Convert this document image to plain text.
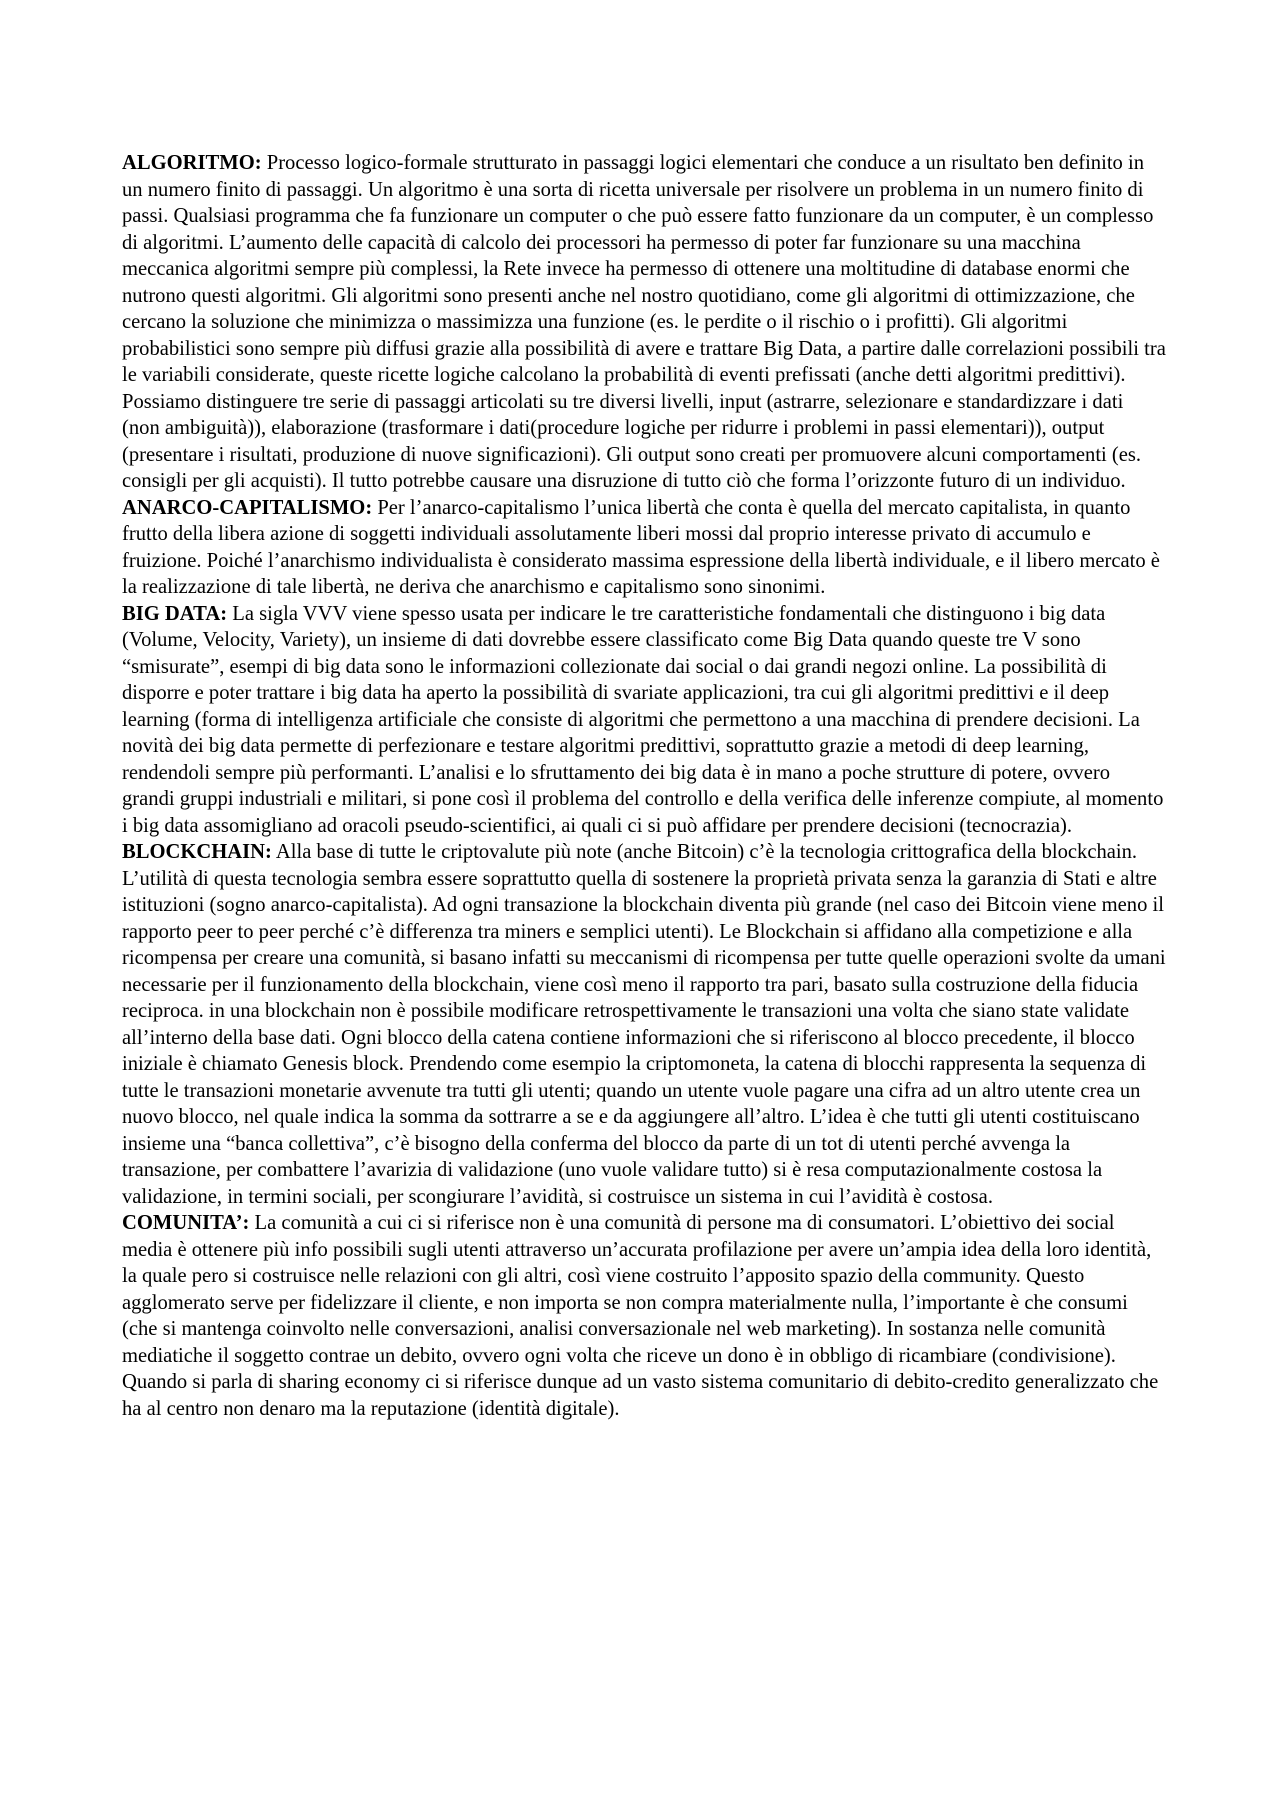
ALGORITMO: Processo logico-formale strutturato in passaggi logici elementari che conduce a un risultato ben definito in un numero finito di passaggi. Un algoritmo è una sorta di ricetta universale per risolvere un problema in un numero finito di passi. Qualsiasi programma che fa funzionare un computer o che può essere fatto funzionare da un computer, è un complesso di algoritmi. L’aumento delle capacità di calcolo dei processori ha permesso di poter far funzionare su una macchina meccanica algoritmi sempre più complessi, la Rete invece ha permesso di ottenere una moltitudine di database enormi che nutrono questi algoritmi. Gli algoritmi sono presenti anche nel nostro quotidiano, come gli algoritmi di ottimizzazione, che cercano la soluzione che minimizza o massimizza una funzione (es. le perdite o il rischio o i profitti). Gli algoritmi probabilistici sono sempre più diffusi grazie alla possibilità di avere e trattare Big Data, a partire dalle correlazioni possibili tra le variabili considerate, queste ricette logiche calcolano la probabilità di eventi prefissati (anche detti algoritmi predittivi). Possiamo distinguere tre serie di passaggi articolati su tre diversi livelli, input (astrarre, selezionare e standardizzare i dati (non ambiguità)), elaborazione (trasformare i dati(procedure logiche per ridurre i problemi in passi elementari)), output (presentare i risultati, produzione di nuove significazioni). Gli output sono creati per promuovere alcuni comportamenti (es. consigli per gli acquisti). Il tutto potrebbe causare una disruzione di tutto ciò che forma l’orizzonte futuro di un individuo.

ANARCO-CAPITALISMO: Per l’anarco-capitalismo l’unica libertà che conta è quella del mercato capitalista, in quanto frutto della libera azione di soggetti individuali assolutamente liberi mossi dal proprio interesse privato di accumulo e fruizione. Poiché l’anarchismo individualista è considerato massima espressione della libertà individuale, e il libero mercato è la realizzazione di tale libertà, ne deriva che anarchismo e capitalismo sono sinonimi.

BIG DATA: La sigla VVV viene spesso usata per indicare le tre caratteristiche fondamentali che distinguono i big data (Volume, Velocity, Variety), un insieme di dati dovrebbe essere classificato come Big Data quando queste tre V sono “smisurate”, esempi di big data sono le informazioni collezionate dai social o dai grandi negozi online. La possibilità di disporre e poter trattare i big data ha aperto la possibilità di svariate applicazioni, tra cui gli algoritmi predittivi e il deep learning (forma di intelligenza artificiale che consiste di algoritmi che permettono a una macchina di prendere decisioni. La novità dei big data permette di perfezionare e testare algoritmi predittivi, soprattutto grazie a metodi di deep learning, rendendoli sempre più performanti. L’analisi e lo sfruttamento dei big data è in mano a poche strutture di potere, ovvero grandi gruppi industriali e militari, si pone così il problema del controllo e della verifica delle inferenze compiute, al momento i big data assomigliano ad oracoli pseudo-scientifici, ai quali ci si può affidare per prendere decisioni (tecnocrazia).

BLOCKCHAIN: Alla base di tutte le criptovalute più note (anche Bitcoin) c’è la tecnologia crittografica della blockchain. L’utilità di questa tecnologia sembra essere soprattutto quella di sostenere la proprietà privata senza la garanzia di Stati e altre istituzioni (sogno anarco-capitalista). Ad ogni transazione la blockchain diventa più grande (nel caso dei Bitcoin viene meno il rapporto peer to peer perché c’è differenza tra miners e semplici utenti). Le Blockchain si affidano alla competizione e alla ricompensa per creare una comunità, si basano infatti su meccanismi di ricompensa per tutte quelle operazioni svolte da umani necessarie per il funzionamento della blockchain, viene così meno il rapporto tra pari, basato sulla costruzione della fiducia reciproca. in una blockchain non è possibile modificare retrospettivamente le transazioni una volta che siano state validate all’interno della base dati. Ogni blocco della catena contiene informazioni che si riferiscono al blocco precedente, il blocco iniziale è chiamato Genesis block. Prendendo come esempio la criptomoneta, la catena di blocchi rappresenta la sequenza di tutte le transazioni monetarie avvenute tra tutti gli utenti; quando un utente vuole pagare una cifra ad un altro utente crea un nuovo blocco, nel quale indica la somma da sottrarre a se e da aggiungere all’altro. L’idea è che tutti gli utenti costituiscano insieme una “banca collettiva”, c’è bisogno della conferma del blocco da parte di un tot di utenti perché avvenga la transazione, per combattere l’avarizia di validazione (uno vuole validare tutto) si è resa computazionalmente costosa la validazione, in termini sociali, per scongiurare l’avidità, si costruisce un sistema in cui l’avidità è costosa.

COMUNITA’: La comunità a cui ci si riferisce non è una comunità di persone ma di consumatori. L’obiettivo dei social media è ottenere più info possibili sugli utenti attraverso un’accurata profilazione per avere un’ampia idea della loro identità, la quale pero si costruisce nelle relazioni con gli altri, così viene costruito l’apposito spazio della community. Questo agglomerato serve per fidelizzare il cliente, e non importa se non compra materialmente nulla, l’importante è che consumi (che si mantenga coinvolto nelle conversazioni, analisi conversazionale nel web marketing). In sostanza nelle comunità mediatiche il soggetto contrae un debito, ovvero ogni volta che riceve un dono è in obbligo di ricambiare (condivisione). Quando si parla di sharing economy ci si riferisce dunque ad un vasto sistema comunitario di debito-credito generalizzato che ha al centro non denaro ma la reputazione (identità digitale).
